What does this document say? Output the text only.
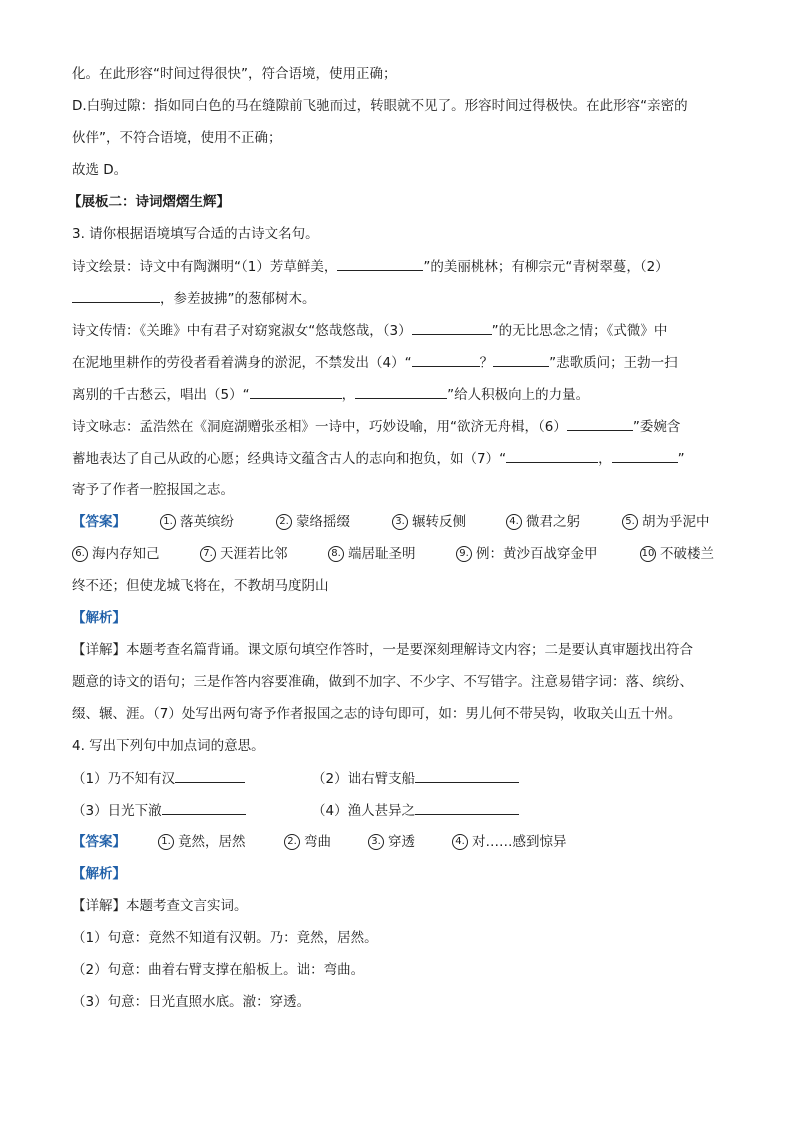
化。在此形容“时间过得很快”，符合语境，使用正确；
D.白驹过隙：指如同白色的马在缝隙前飞驰而过，转眼就不见了。形容时间过得极快。在此形容“亲密的
伙伴”，不符合语境，使用不正确；
故选 D。
【展板二：诗词熠熠生辉】
3. 请你根据语境填写合适的古诗文名句。
诗文绘景：诗文中有陶渊明“（1）芳草鲜美，	”的美丽桃林；有柳宗元“青树翠蔓，（2）
，参差披拂”的葱郁树木。
诗文传情：《关雎》中有君子对窈窕淑女“悠哉悠哉，（3）	”的无比思念之情；《式微》中
在泥地里耕作的劳役者看着满身的淤泥，不禁发出（4）“	？	”悲歌质问；王勃一扫
离别的千古愁云，唱出（5）“	，	”给人积极向上的力量。
诗文咏志：孟浩然在《洞庭湖赠张丞相》一诗中，巧妙设喻，用“欲济无舟楫，（6）	”委婉含
蓄地表达了自己从政的心愿；经典诗文蕴含古人的志向和抱负，如（7）“	，	”
寄予了作者一腔报国之志。
【答案】	1. 落英缤纷	2. 蒙络摇缀	3. 辗转反侧	4. 微君之躬	5. 胡为乎泥中
6. 海内存知己	7. 天涯若比邻	8. 端居耻圣明	9. 例：黄沙百战穿金甲	10 不破楼兰
终不还；但使龙城飞将在，不教胡马度阴山
【解析】
【详解】本题考查名篇背诵。课文原句填空作答时，一是要深刻理解诗文内容；二是要认真审题找出符合
题意的诗文的语句；三是作答内容要准确，做到不加字、不少字、不写错字。注意易错字词：落、缤纷、
缀、辗、涯。（7）处写出两句寄予作者报国之志的诗句即可，如：男儿何不带吴钩，收取关山五十州。
4. 写出下列句中加点词的意思。
（1）乃不知有汉	（2）诎右臂支船
（3）日光下澈	（4）渔人甚异之
【答案】	1. 竟然，居然	2. 弯曲	3. 穿透	4. 对……感到惊异
【解析】
【详解】本题考查文言实词。
（1）句意：竟然不知道有汉朝。乃：竟然，居然。
（2）句意：曲着右臂支撑在船板上。诎：弯曲。
（3）句意：日光直照水底。澈：穿透。
